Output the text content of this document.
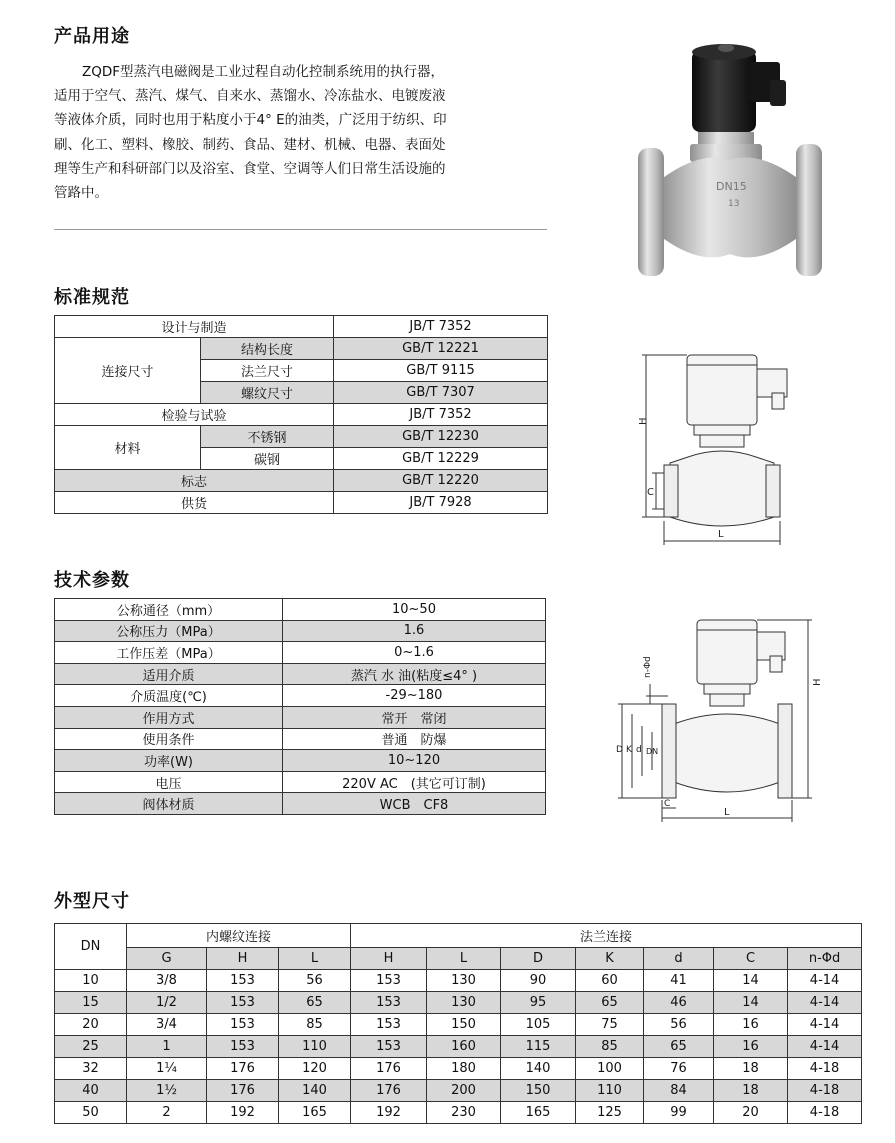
产品用途

ZQDF型蒸汽电磁阀是工业过程自动化控制系统用的执行器，

适用于空气、蒸汽、煤气、自来水、蒸馏水、冷冻盐水、电镀废液

等液体介质，同时也用于粘度小于4° E的油类，广泛用于纺织、印

刷、化工、塑料、橡胶、制药、食品、建材、机械、电器、表面处

理等生产和科研部门以及浴室、食堂、空调等人们日常生活设施的

管路中。	DN15
13
标准规范
设计与制造		JB/T 7352
连接尺寸	结构长度	GB/T 12221
	法兰尺寸	GB/T 9115
	螺纹尺寸	GB/T 7307
检验与试验		JB/T 7352
材料	不锈钢	GB/T 12230
	碳钢	GB/T 12229
标志		GB/T 12220
供货		JB/T 7928
H
C
L
技术参数
公称通径（mm）	10~50
公称压力（MPa）	1.6
工作压差（MPa）	0~1.6
适用介质	蒸汽 水 油(粘度≤4° )
介质温度(℃)	-29~180
作用方式	常开　常闭
使用条件	普通　防爆
功率(W)	10~120
电压	220V AC　(其它可订制)
阀体材质	WCB　CF8
n-Φd
H
D K d DN
C
L
外型尺寸
DN	内螺纹连接			法兰连接						
	G	H	L	H	L	D	K	d	C	n-Φd
10	3/8	153	56	153	130	90	60	41	14	4-14
15	1/2	153	65	153	130	95	65	46	14	4-14
20	3/4	153	85	153	150	105	75	56	16	4-14
25	1	153	110	153	160	115	85	65	16	4-14
32	1¼	176	120	176	180	140	100	76	18	4-18
40	1½	176	140	176	200	150	110	84	18	4-18
50	2	192	165	192	230	165	125	99	20	4-18
